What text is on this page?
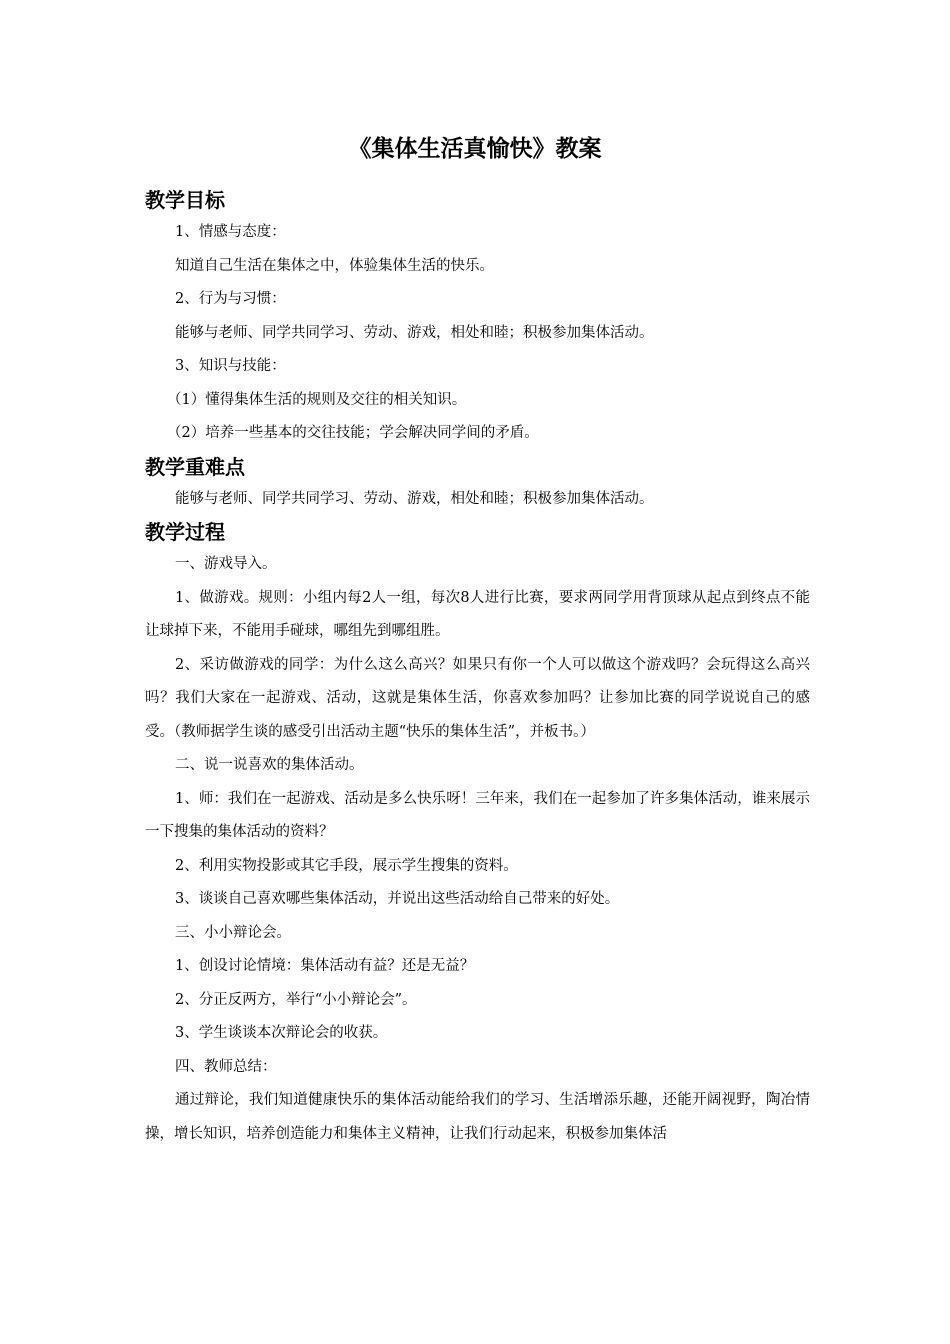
《集体生活真愉快》教案
教学目标

1、情感与态度：

知道自己生活在集体之中，体验集体生活的快乐。

2、行为与习惯：

能够与老师、同学共同学习、劳动、游戏，相处和睦；积极参加集体活动。

3、知识与技能：

（1）懂得集体生活的规则及交往的相关知识。

（2）培养一些基本的交往技能；学会解决同学间的矛盾。

教学重难点

能够与老师、同学共同学习、劳动、游戏，相处和睦；积极参加集体活动。

教学过程

一、游戏导入。

1、做游戏。规则：小组内每2人一组，每次8人进行比赛，要求两同学用背顶球从起点到终点不能让球掉下来，不能用手碰球，哪组先到哪组胜。

2、采访做游戏的同学：为什么这么高兴？如果只有你一个人可以做这个游戏吗？会玩得这么高兴吗？我们大家在一起游戏、活动，这就是集体生活，你喜欢参加吗？让参加比赛的同学说说自己的感受。（教师据学生谈的感受引出活动主题“快乐的集体生活”，并板书。）

二、说一说喜欢的集体活动。

1、师：我们在一起游戏、活动是多么快乐呀！三年来，我们在一起参加了许多集体活动，谁来展示一下搜集的集体活动的资料？

2、利用实物投影或其它手段，展示学生搜集的资料。

3、谈谈自己喜欢哪些集体活动，并说出这些活动给自己带来的好处。

三、小小辩论会。

1、创设讨论情境：集体活动有益？还是无益？

2、分正反两方，举行“小小辩论会”。

3、学生谈谈本次辩论会的收获。

四、教师总结：

通过辩论，我们知道健康快乐的集体活动能给我们的学习、生活增添乐趣，还能开阔视野，陶冶情操，增长知识，培养创造能力和集体主义精神，让我们行动起来，积极参加集体活
